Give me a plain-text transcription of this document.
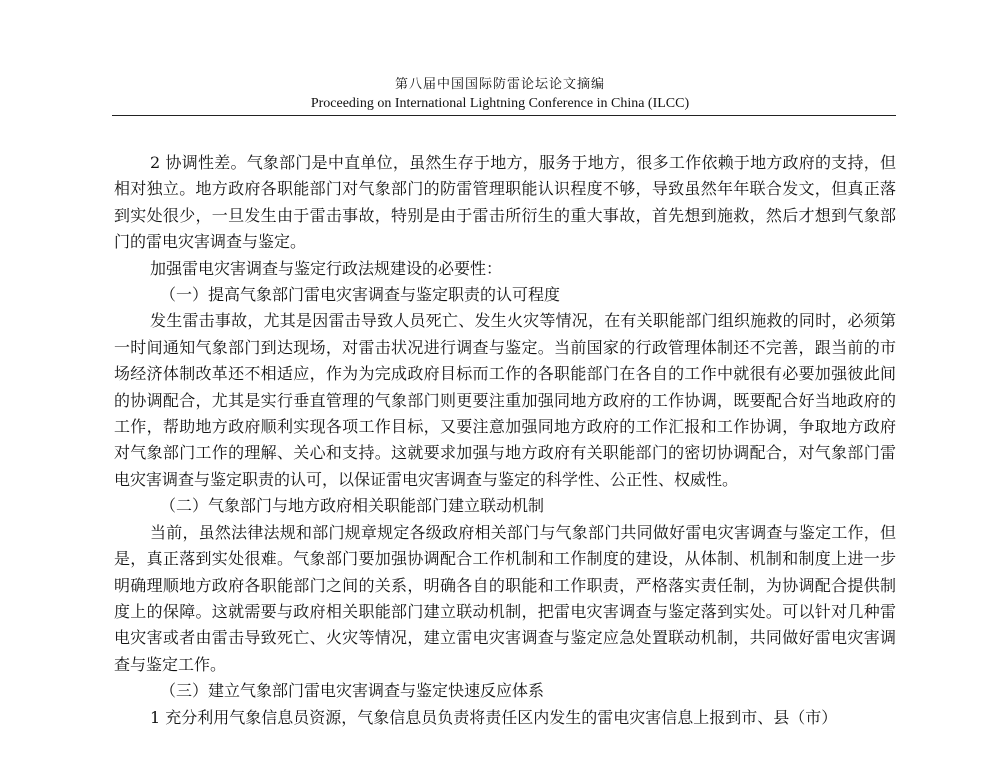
第八届中国国际防雷论坛论文摘编
Proceeding on International Lightning Conference in China (ILCC)

2 协调性差。气象部门是中直单位，虽然生存于地方，服务于地方，很多工作依赖于地方政府的支持，但相对独立。地方政府各职能部门对气象部门的防雷管理职能认识程度不够，导致虽然年年联合发文，但真正落到实处很少，一旦发生由于雷击事故，特别是由于雷击所衍生的重大事故，首先想到施救，然后才想到气象部门的雷电灾害调查与鉴定。

加强雷电灾害调查与鉴定行政法规建设的必要性：

（一）提高气象部门雷电灾害调查与鉴定职责的认可程度

发生雷击事故，尤其是因雷击导致人员死亡、发生火灾等情况，在有关职能部门组织施救的同时，必须第一时间通知气象部门到达现场，对雷击状况进行调查与鉴定。当前国家的行政管理体制还不完善，跟当前的市场经济体制改革还不相适应，作为为完成政府目标而工作的各职能部门在各自的工作中就很有必要加强彼此间的协调配合，尤其是实行垂直管理的气象部门则更要注重加强同地方政府的工作协调，既要配合好当地政府的工作，帮助地方政府顺利实现各项工作目标，又要注意加强同地方政府的工作汇报和工作协调，争取地方政府对气象部门工作的理解、关心和支持。这就要求加强与地方政府有关职能部门的密切协调配合，对气象部门雷电灾害调查与鉴定职责的认可，以保证雷电灾害调查与鉴定的科学性、公正性、权威性。

（二）气象部门与地方政府相关职能部门建立联动机制

当前，虽然法律法规和部门规章规定各级政府相关部门与气象部门共同做好雷电灾害调查与鉴定工作，但是，真正落到实处很难。气象部门要加强协调配合工作机制和工作制度的建设，从体制、机制和制度上进一步明确理顺地方政府各职能部门之间的关系，明确各自的职能和工作职责，严格落实责任制，为协调配合提供制度上的保障。这就需要与政府相关职能部门建立联动机制，把雷电灾害调查与鉴定落到实处。可以针对几种雷电灾害或者由雷击导致死亡、火灾等情况，建立雷电灾害调查与鉴定应急处置联动机制，共同做好雷电灾害调查与鉴定工作。

（三）建立气象部门雷电灾害调查与鉴定快速反应体系

1 充分利用气象信息员资源，气象信息员负责将责任区内发生的雷电灾害信息上报到市、县（市）
